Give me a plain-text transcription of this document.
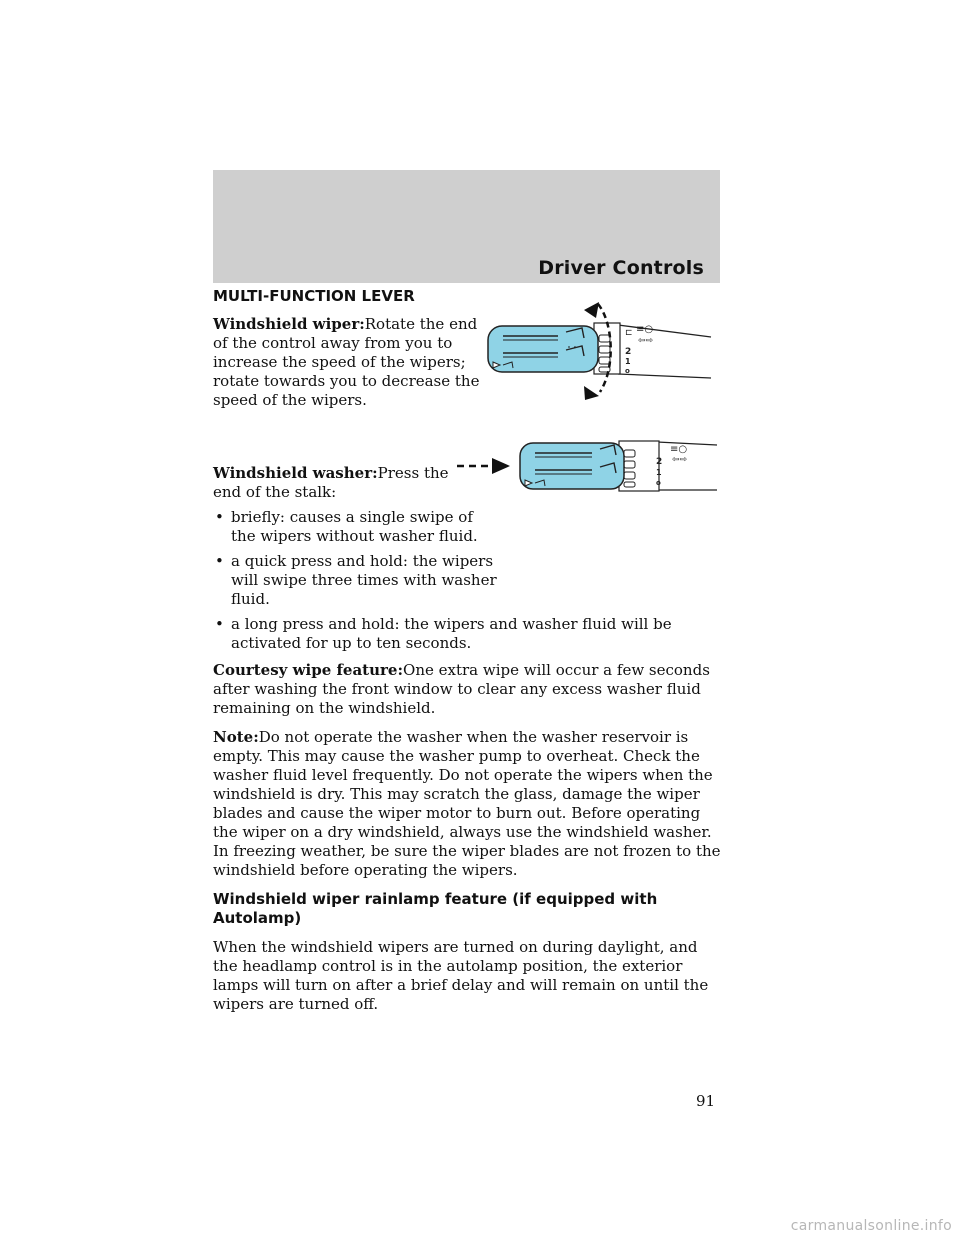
Driver Controls
MULTI-FUNCTION LEVER

Windshield wiper:Rotate the end of the control away from you to increase the speed of the wipers; rotate towards you to decrease the speed of the wipers.

Windshield washer:Press the end of the stalk:

• briefly: causes a single swipe of the wipers without washer fluid.
• a quick press and hold: the wipers will swipe three times with washer fluid.
• a long press and hold: the wipers and washer fluid will be activated for up to ten seconds.

Courtesy wipe feature:One extra wipe will occur a few seconds after washing the front window to clear any excess washer fluid remaining on the windshield.

Note:Do not operate the washer when the washer reservoir is empty. This may cause the washer pump to overheat. Check the washer fluid level frequently. Do not operate the wipers when the windshield is dry. This may scratch the glass, damage the wiper blades and cause the wiper motor to burn out. Before operating the wiper on a dry windshield, always use the windshield washer. In freezing weather, be sure the wiper blades are not frozen to the windshield before operating the wipers.

Windshield wiper rainlamp feature (if equipped with Autolamp)

When the windshield wipers are turned on during daylight, and the headlamp control is in the autolamp position, the exterior lamps will turn on after a brief delay and will remain on until the wipers are turned off.

⊏
2
1
o
≡○
⇦⇨
2
1
o
≡○
⇦⇨
91
carmanualsonline.info
